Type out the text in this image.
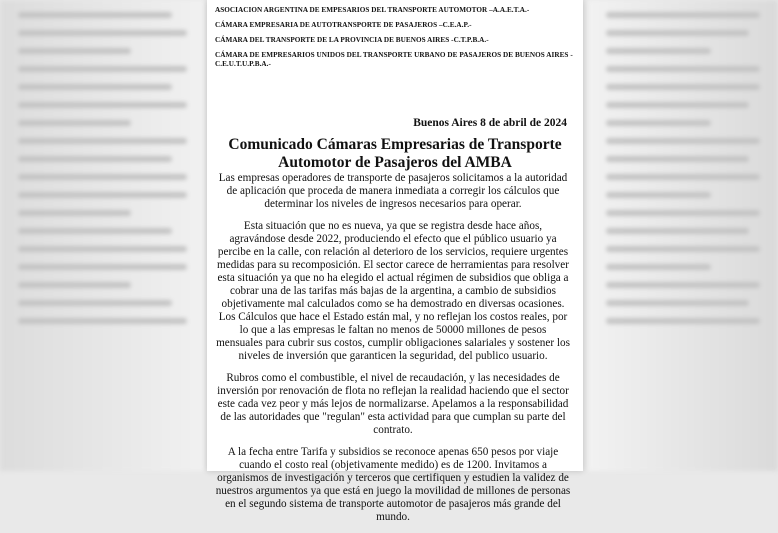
ASOCIACION ARGENTINA DE EMPESARIOS DEL TRANSPORTE AUTOMOTOR –A.A.E.T.A.-
CÁMARA EMPRESARIA DE AUTOTRANSPORTE DE PASAJEROS –C.E.A.P.-
CÁMARA DEL TRANSPORTE DE LA PROVINCIA DE BUENOS AIRES -C.T.P.B.A.-
CÁMARA DE EMPRESARIOS UNIDOS DEL TRANSPORTE URBANO DE PASAJEROS DE BUENOS AIRES -C.E.U.T.U.P.B.A.-
Buenos Aires 8 de abril de 2024
Comunicado Cámaras Empresarias de Transporte Automotor de Pasajeros del AMBA

Las empresas operadores de transporte de pasajeros solicitamos a la autoridad de aplicación que proceda de manera inmediata a corregir los cálculos que determinar los niveles de ingresos necesarios para operar.

Esta situación que no es nueva, ya que se registra desde hace años, agravándose desde 2022, produciendo el efecto que el público usuario ya percibe en la calle, con relación al deterioro de los servicios, requiere urgentes medidas para su recomposición. El sector carece de herramientas para resolver esta situación ya que no ha elegido el actual régimen de subsidios que obliga a cobrar una de las tarifas más bajas de la argentina, a cambio de subsidios objetivamente mal calculados como se ha demostrado en diversas ocasiones. Los Cálculos que hace el Estado están mal, y no reflejan los costos reales, por lo que a las empresas le faltan no menos de 50000 millones de pesos mensuales para cubrir sus costos, cumplir obligaciones salariales y sostener los niveles de inversión que garanticen la seguridad, del publico usuario.

Rubros como el combustible, el nivel de recaudación, y las necesidades de inversión por renovación de flota no reflejan la realidad haciendo que el sector este cada vez peor y más lejos de normalizarse. Apelamos a la responsabilidad de las autoridades que "regulan" esta actividad para que cumplan su parte del contrato.

A la fecha entre Tarifa y subsidios se reconoce apenas 650 pesos por viaje cuando el costo real (objetivamente medido) es de 1200. Invitamos a organismos de investigación y terceros que certifiquen y estudien la validez de nuestros argumentos ya que está en juego la movilidad de millones de personas en el segundo sistema de transporte automotor de pasajeros más grande del mundo.
